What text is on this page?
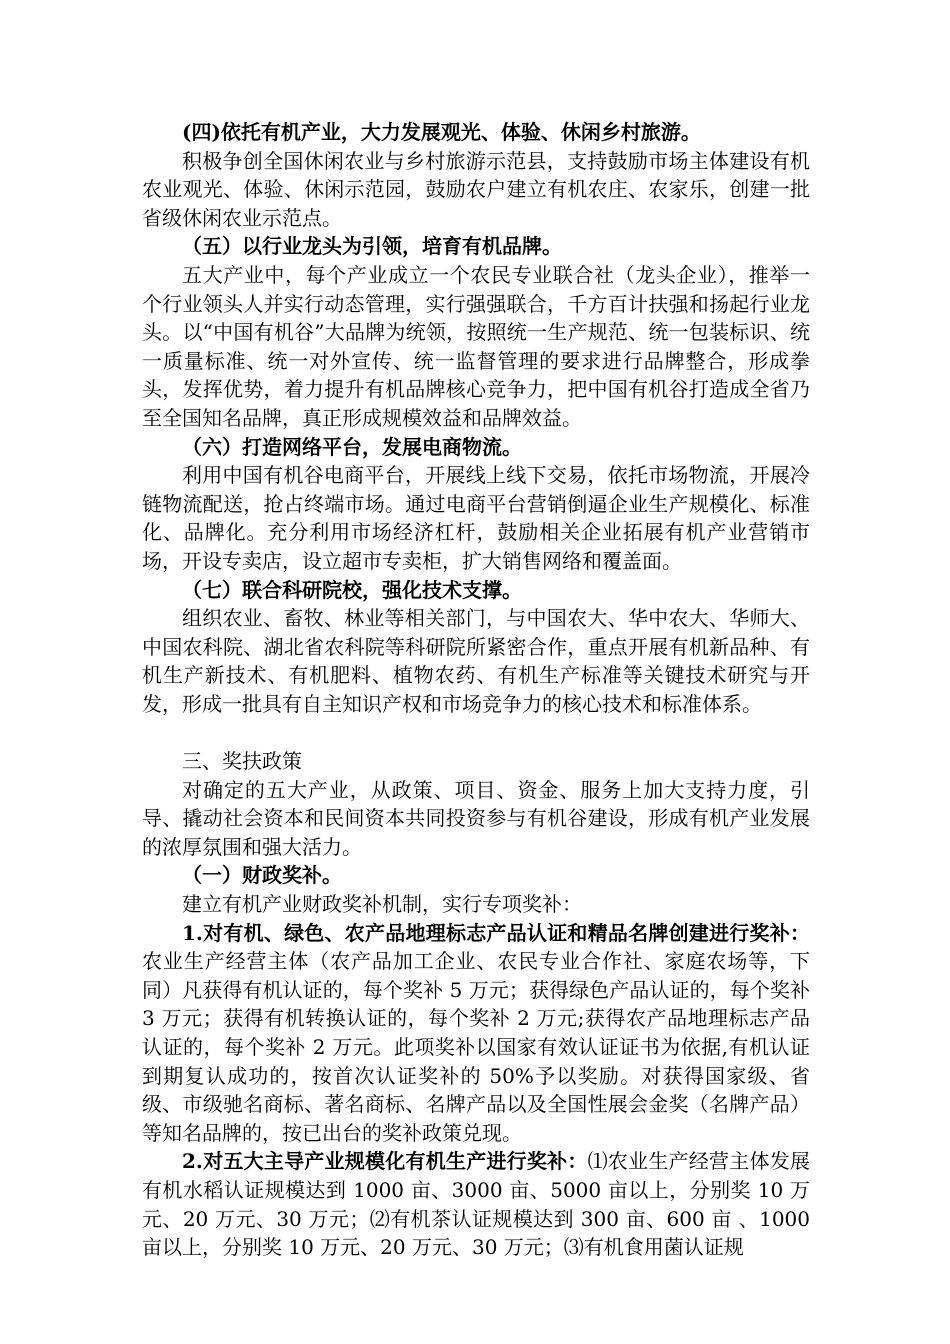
(四)依托有机产业，大力发展观光、体验、休闲乡村旅游。

积极争创全国休闲农业与乡村旅游示范县，支持鼓励市场主体建设有机农业观光、体验、休闲示范园，鼓励农户建立有机农庄、农家乐，创建一批省级休闲农业示范点。

（五）以行业龙头为引领，培育有机品牌。

五大产业中，每个产业成立一个农民专业联合社（龙头企业），推举一个行业领头人并实行动态管理，实行强强联合，千方百计扶强和扬起行业龙头。以“中国有机谷”大品牌为统领，按照统一生产规范、统一包装标识、统一质量标准、统一对外宣传、统一监督管理的要求进行品牌整合，形成拳头，发挥优势，着力提升有机品牌核心竞争力，把中国有机谷打造成全省乃至全国知名品牌，真正形成规模效益和品牌效益。

（六）打造网络平台，发展电商物流。

利用中国有机谷电商平台，开展线上线下交易，依托市场物流，开展冷链物流配送，抢占终端市场。通过电商平台营销倒逼企业生产规模化、标准化、品牌化。充分利用市场经济杠杆，鼓励相关企业拓展有机产业营销市场，开设专卖店，设立超市专卖柜，扩大销售网络和覆盖面。

（七）联合科研院校，强化技术支撑。

组织农业、畜牧、林业等相关部门，与中国农大、华中农大、华师大、中国农科院、湖北省农科院等科研院所紧密合作，重点开展有机新品种、有机生产新技术、有机肥料、植物农药、有机生产标准等关键技术研究与开发，形成一批具有自主知识产权和市场竞争力的核心技术和标准体系。

三、奖扶政策

对确定的五大产业，从政策、项目、资金、服务上加大支持力度，引导、撬动社会资本和民间资本共同投资参与有机谷建设，形成有机产业发展的浓厚氛围和强大活力。

（一）财政奖补。

建立有机产业财政奖补机制，实行专项奖补：

1.对有机、绿色、农产品地理标志产品认证和精品名牌创建进行奖补：农业生产经营主体（农产品加工企业、农民专业合作社、家庭农场等，下同）凡获得有机认证的，每个奖补 5 万元；获得绿色产品认证的，每个奖补 3 万元；获得有机转换认证的，每个奖补 2 万元;获得农产品地理标志产品认证的，每个奖补 2 万元。此项奖补以国家有效认证证书为依据,有机认证到期复认成功的，按首次认证奖补的 50%予以奖励。对获得国家级、省级、市级驰名商标、著名商标、名牌产品以及全国性展会金奖（名牌产品）等知名品牌的，按已出台的奖补政策兑现。

2.对五大主导产业规模化有机生产进行奖补：⑴农业生产经营主体发展有机水稻认证规模达到 1000 亩、3000 亩、5000 亩以上，分别奖 10 万元、20 万元、30 万元；⑵有机茶认证规模达到 300 亩、600 亩 、1000 亩以上，分别奖 10 万元、20 万元、30 万元；⑶有机食用菌认证规
